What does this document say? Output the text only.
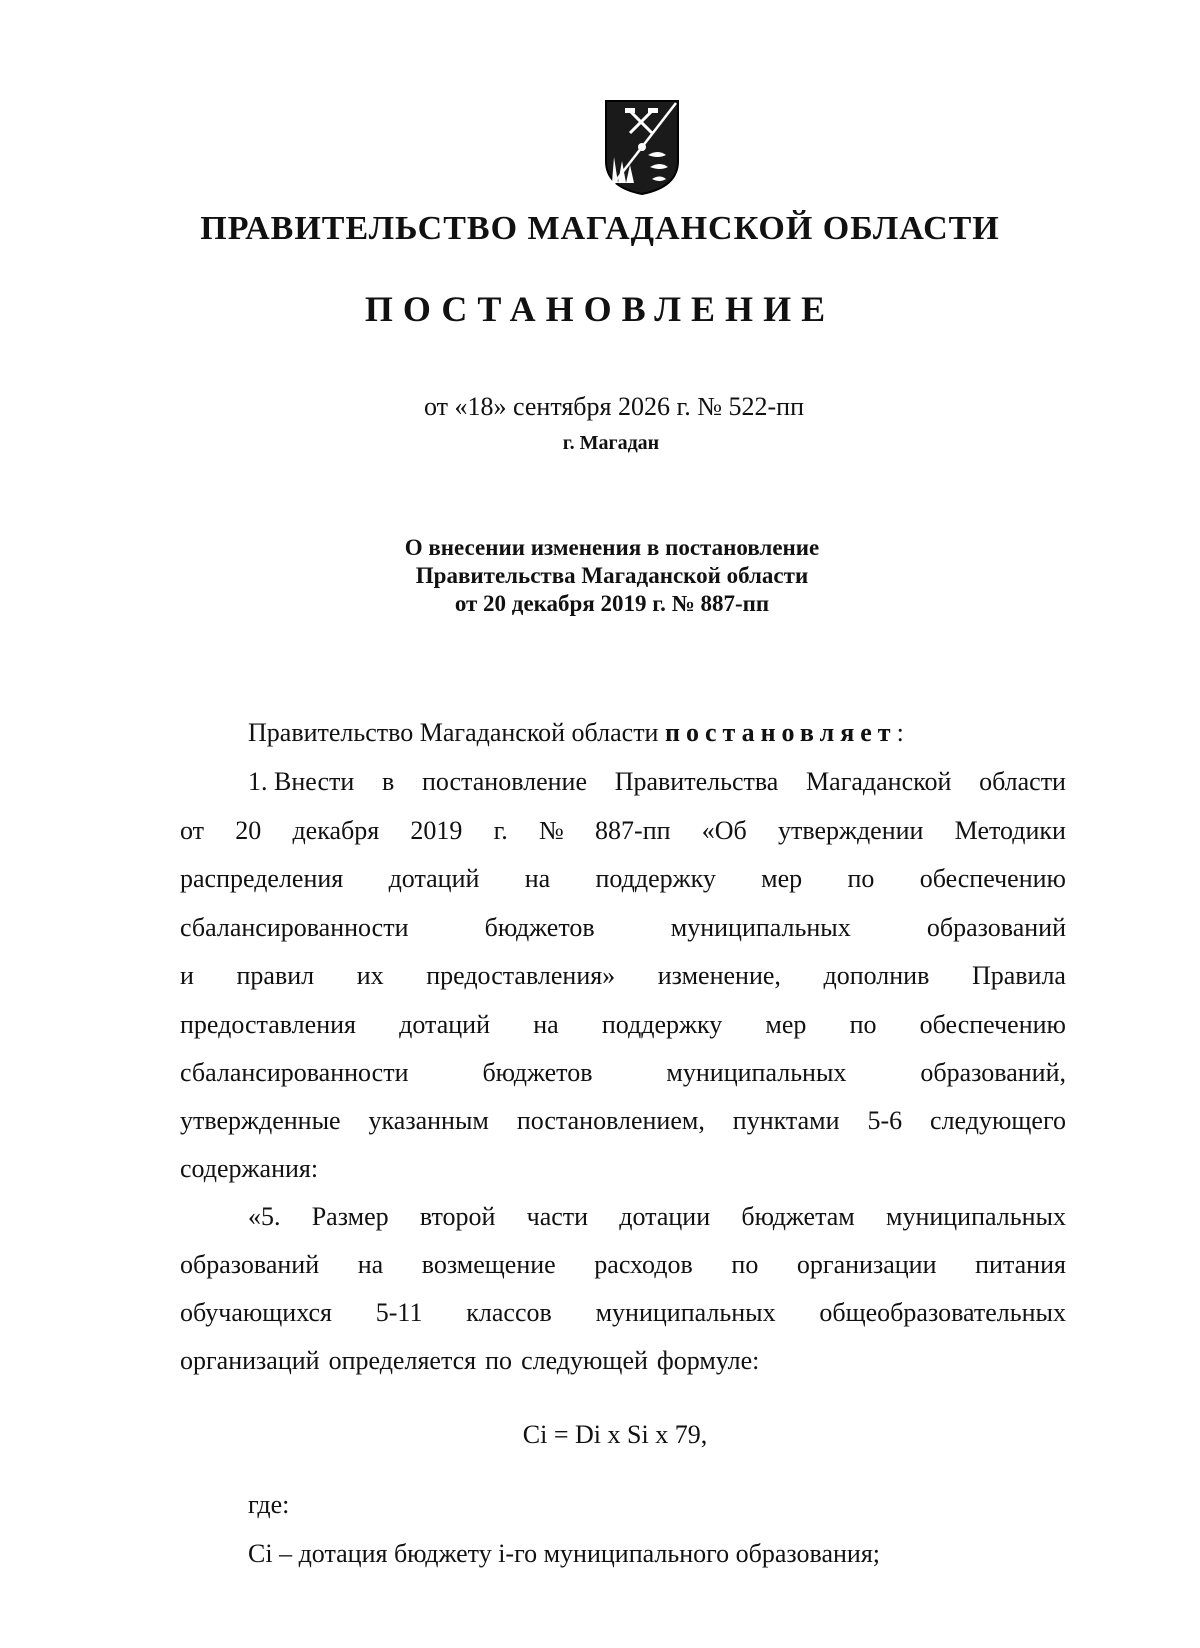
ПРАВИТЕЛЬСТВО МАГАДАНСКОЙ ОБЛАСТИ
ПОСТАНОВЛЕНИЕ
от «18» сентября 2026 г. № 522-пп
г. Магадан
О внесении изменения в постановление
Правительства Магаданской области
от 20 декабря 2019 г. № 887-пп
Правительство Магаданской области постановляет:
1. Внести в постановление Правительства Магаданской области
от 20 декабря 2019 г. № 887-пп «Об утверждении Методики
распределения дотаций на поддержку мер по обеспечению
сбалансированности	бюджетов	муниципальных	образований
и правил их предоставления» изменение, дополнив Правила
предоставления дотаций на поддержку мер по обеспечению
сбалансированности	бюджетов	муниципальных	образований,
утвержденные указанным постановлением, пунктами 5-6 следующего
содержания:
«5. Размер второй части дотации бюджетам муниципальных
образований на возмещение расходов по организации питания
обучающихся 5-11 классов муниципальных общеобразовательных
организаций определяется по следующей формуле:
Ci = Di x Si x 79,
где:
Ci – дотация бюджету i-го муниципального образования;
